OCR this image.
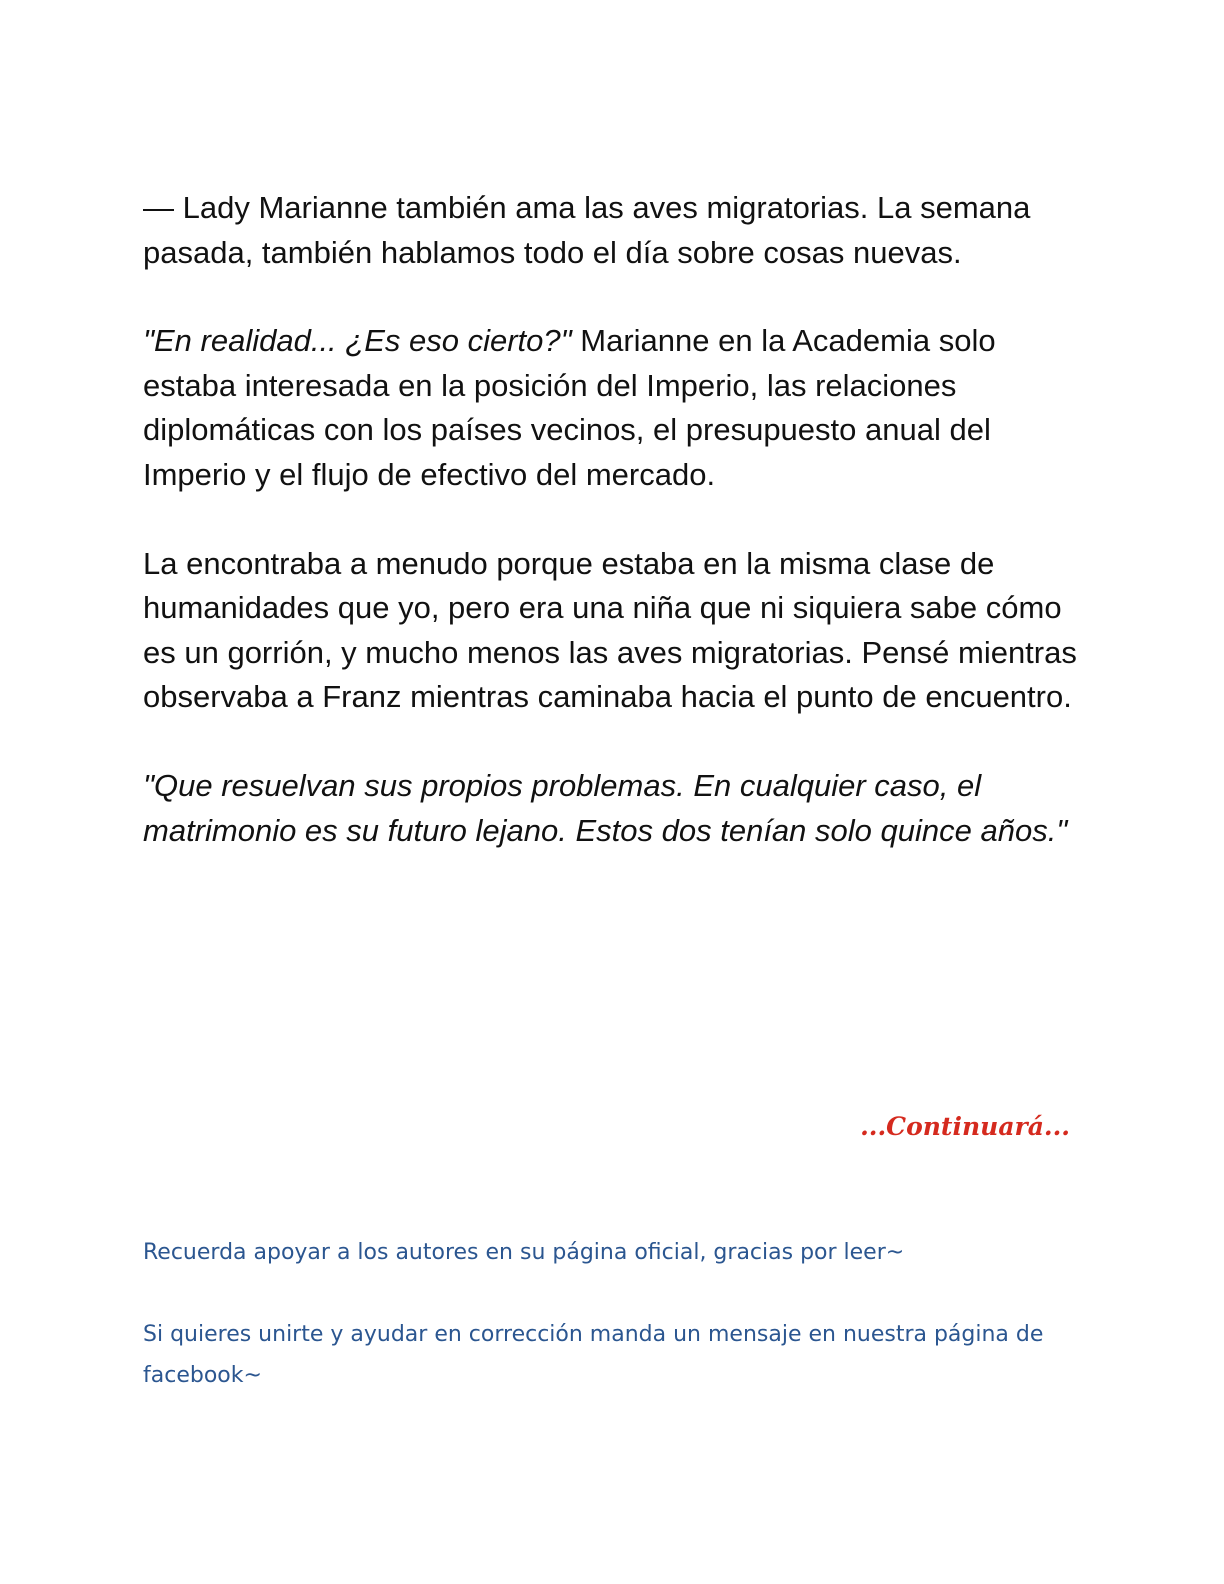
— Lady Marianne también ama las aves migratorias. La semana pasada, también hablamos todo el día sobre cosas nuevas.

"En realidad... ¿Es eso cierto?" Marianne en la Academia solo estaba interesada en la posición del Imperio, las relaciones diplomáticas con los países vecinos, el presupuesto anual del Imperio y el flujo de efectivo del mercado.

La encontraba a menudo porque estaba en la misma clase de humanidades que yo, pero era una niña que ni siquiera sabe cómo es un gorrión, y mucho menos las aves migratorias. Pensé mientras observaba a Franz mientras caminaba hacia el punto de encuentro.

"Que resuelvan sus propios problemas. En cualquier caso, el matrimonio es su futuro lejano. Estos dos tenían solo quince años."

...Continuará...
Recuerda apoyar a los autores en su página oficial, gracias por leer~
Si quieres unirte y ayudar en corrección manda un mensaje en nuestra página de facebook~
